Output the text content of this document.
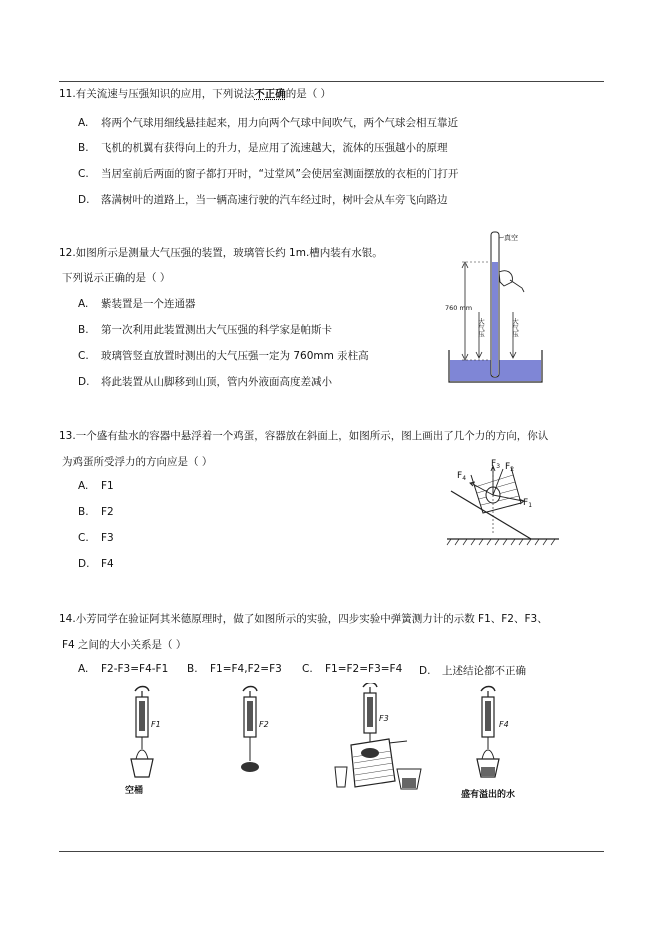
11.有关流速与压强知识的应用，下列说法不正确的是（ ）
A. 将两个气球用细线悬挂起来，用力向两个气球中间吹气，两个气球会相互靠近
B. 飞机的机翼有获得向上的升力，是应用了流速越大，流体的压强越小的原理
C. 当居室前后两面的窗子都打开时，“过堂风”会使居室测面摆放的衣柜的门打开
D. 落满树叶的道路上，当一辆高速行驶的汽车经过时，树叶会从车旁飞向路边
12.如图所示是测量大气压强的装置，玻璃管长约 1m.槽内装有水银。
下列说示正确的是（ ）
A. 紫装置是一个连通器
B. 第一次利用此装置测出大气压强的科学家是帕斯卡
C. 玻璃管竖直放置时测出的大气压强一定为 760mm 汞柱高
D. 将此装置从山脚移到山顶，管内外液面高度差减小
760 mm
真空
大气压	大气压
13.一个盛有盐水的容器中悬浮着一个鸡蛋，容器放在斜面上，如图所示，图上画出了几个力的方向，你认
为鸡蛋所受浮力的方向应是（ ）
A. F1
B. F2
C. F3
D. F4
$F_3$ $F_2$
$F_4$
$F_1$
14.小芳同学在验证阿其米德原理时，做了如图所示的实验，四步实验中弹簧测力计的示数 F1、F2、F3、
F4 之间的大小关系是（ ）
A. F2-F3=F4-F1 B. F1=F4,F2=F3 C. F1=F2=F3=F4 D. 上述结论都不正确
F1
空桶
F2
F3
F4
盛有溢出的水
